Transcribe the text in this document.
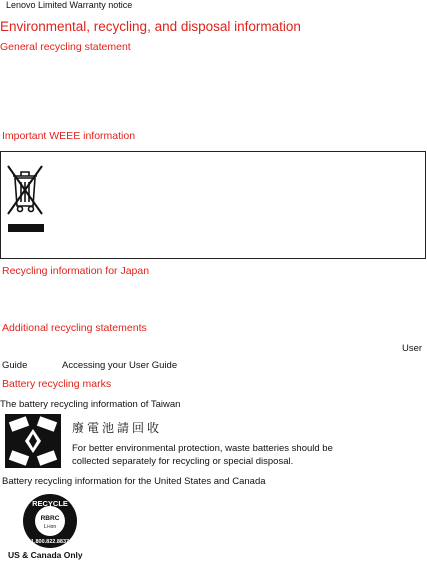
Lenovo Limited Warranty notice
Environmental, recycling, and disposal information
General recycling statement
Important WEEE information
Recycling information for Japan
Additional recycling statements
User
Guide	Accessing your User Guide
Battery recycling marks
The battery recycling information of Taiwan
廢電池請回收
For better environmental protection, waste batteries should be
collected separately for recycling or special disposal.
Battery recycling information for the United States and Canada
RECYCLE
RBRC
Li-ion
1.800.822.8837
US & Canada Only
